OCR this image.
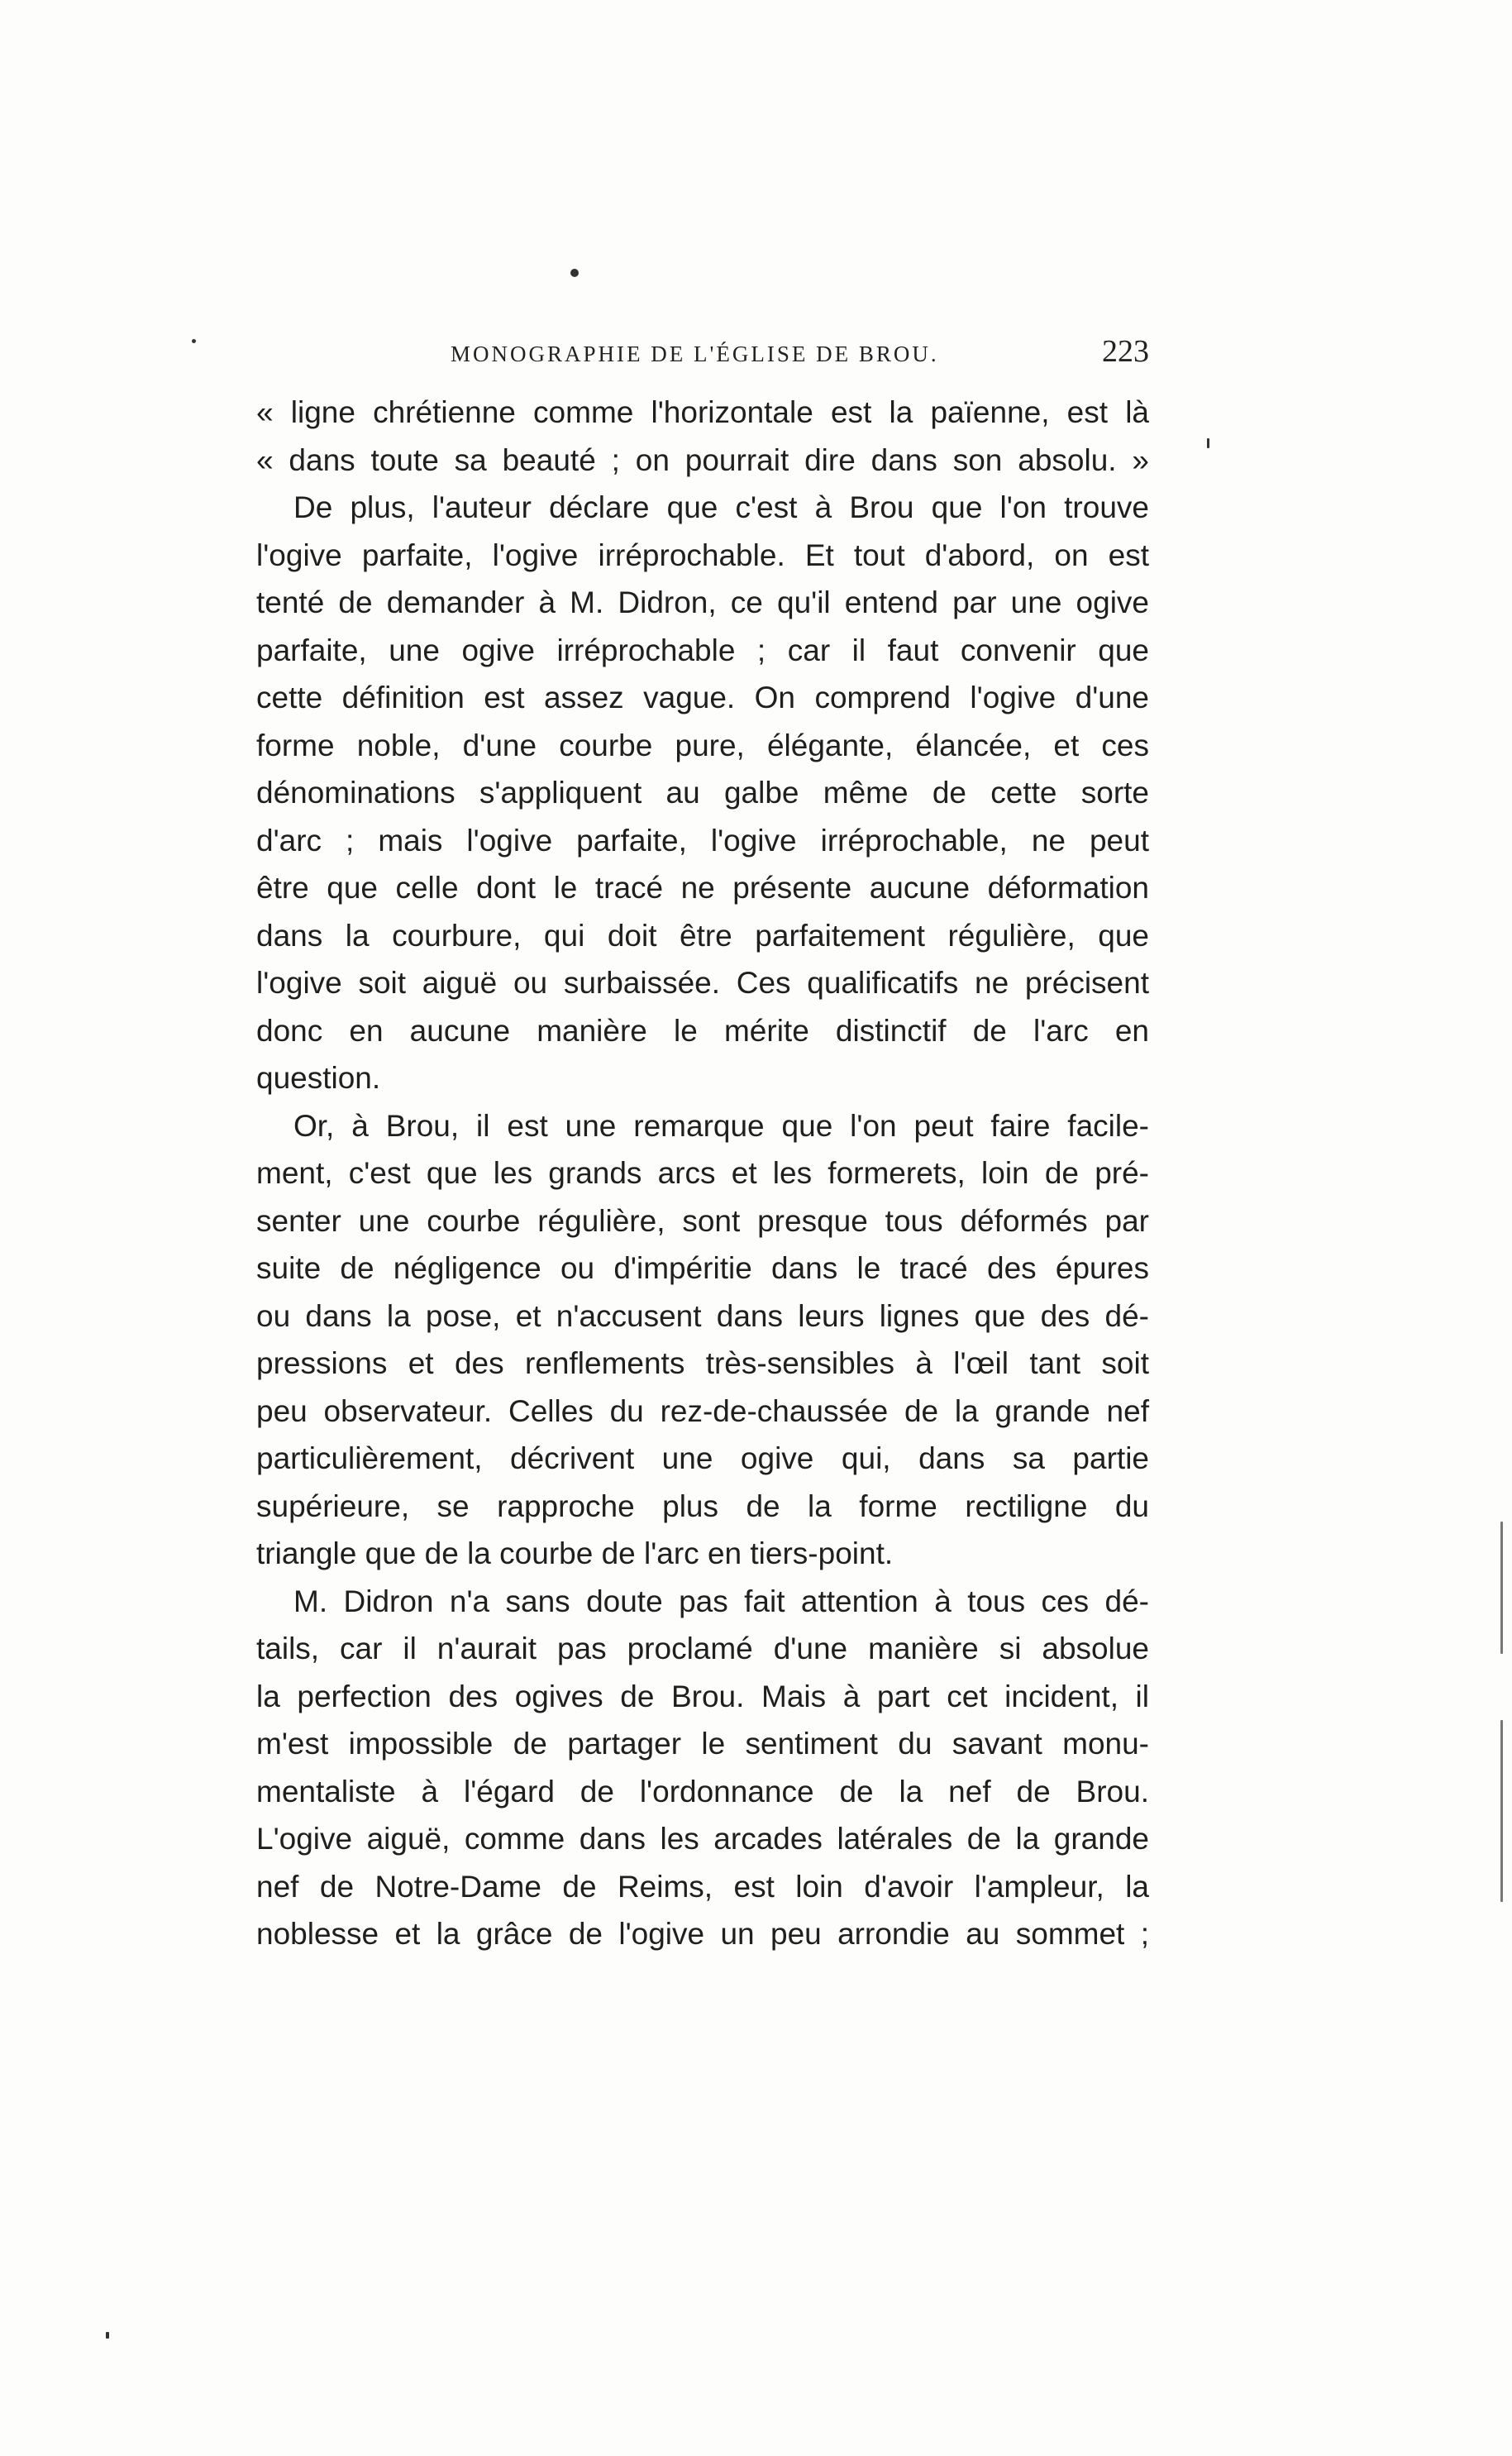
MONOGRAPHIE DE L'ÉGLISE DE BROU.	223
« ligne chrétienne comme l'horizontale est la païenne, est là
« dans toute sa beauté ; on pourrait dire dans son absolu. »
De plus, l'auteur déclare que c'est à Brou que l'on trouve
l'ogive parfaite, l'ogive irréprochable. Et tout d'abord, on est
tenté de demander à M. Didron, ce qu'il entend par une ogive
parfaite, une ogive irréprochable ; car il faut convenir que
cette définition est assez vague. On comprend l'ogive d'une
forme noble, d'une courbe pure, élégante, élancée, et ces
dénominations s'appliquent au galbe même de cette sorte
d'arc ; mais l'ogive parfaite, l'ogive irréprochable, ne peut
être que celle dont le tracé ne présente aucune déformation
dans la courbure, qui doit être parfaitement régulière, que
l'ogive soit aiguë ou surbaissée. Ces qualificatifs ne précisent
donc en aucune manière le mérite distinctif de l'arc en
question.
Or, à Brou, il est une remarque que l'on peut faire facile-
ment, c'est que les grands arcs et les formerets, loin de pré-
senter une courbe régulière, sont presque tous déformés par
suite de négligence ou d'impéritie dans le tracé des épures
ou dans la pose, et n'accusent dans leurs lignes que des dé-
pressions et des renflements très-sensibles à l'œil tant soit
peu observateur. Celles du rez-de-chaussée de la grande nef
particulièrement, décrivent une ogive qui, dans sa partie
supérieure, se rapproche plus de la forme rectiligne du
triangle que de la courbe de l'arc en tiers-point.
M. Didron n'a sans doute pas fait attention à tous ces dé-
tails, car il n'aurait pas proclamé d'une manière si absolue
la perfection des ogives de Brou. Mais à part cet incident, il
m'est impossible de partager le sentiment du savant monu-
mentaliste à l'égard de l'ordonnance de la nef de Brou.
L'ogive aiguë, comme dans les arcades latérales de la grande
nef de Notre-Dame de Reims, est loin d'avoir l'ampleur, la
noblesse et la grâce de l'ogive un peu arrondie au sommet ;
